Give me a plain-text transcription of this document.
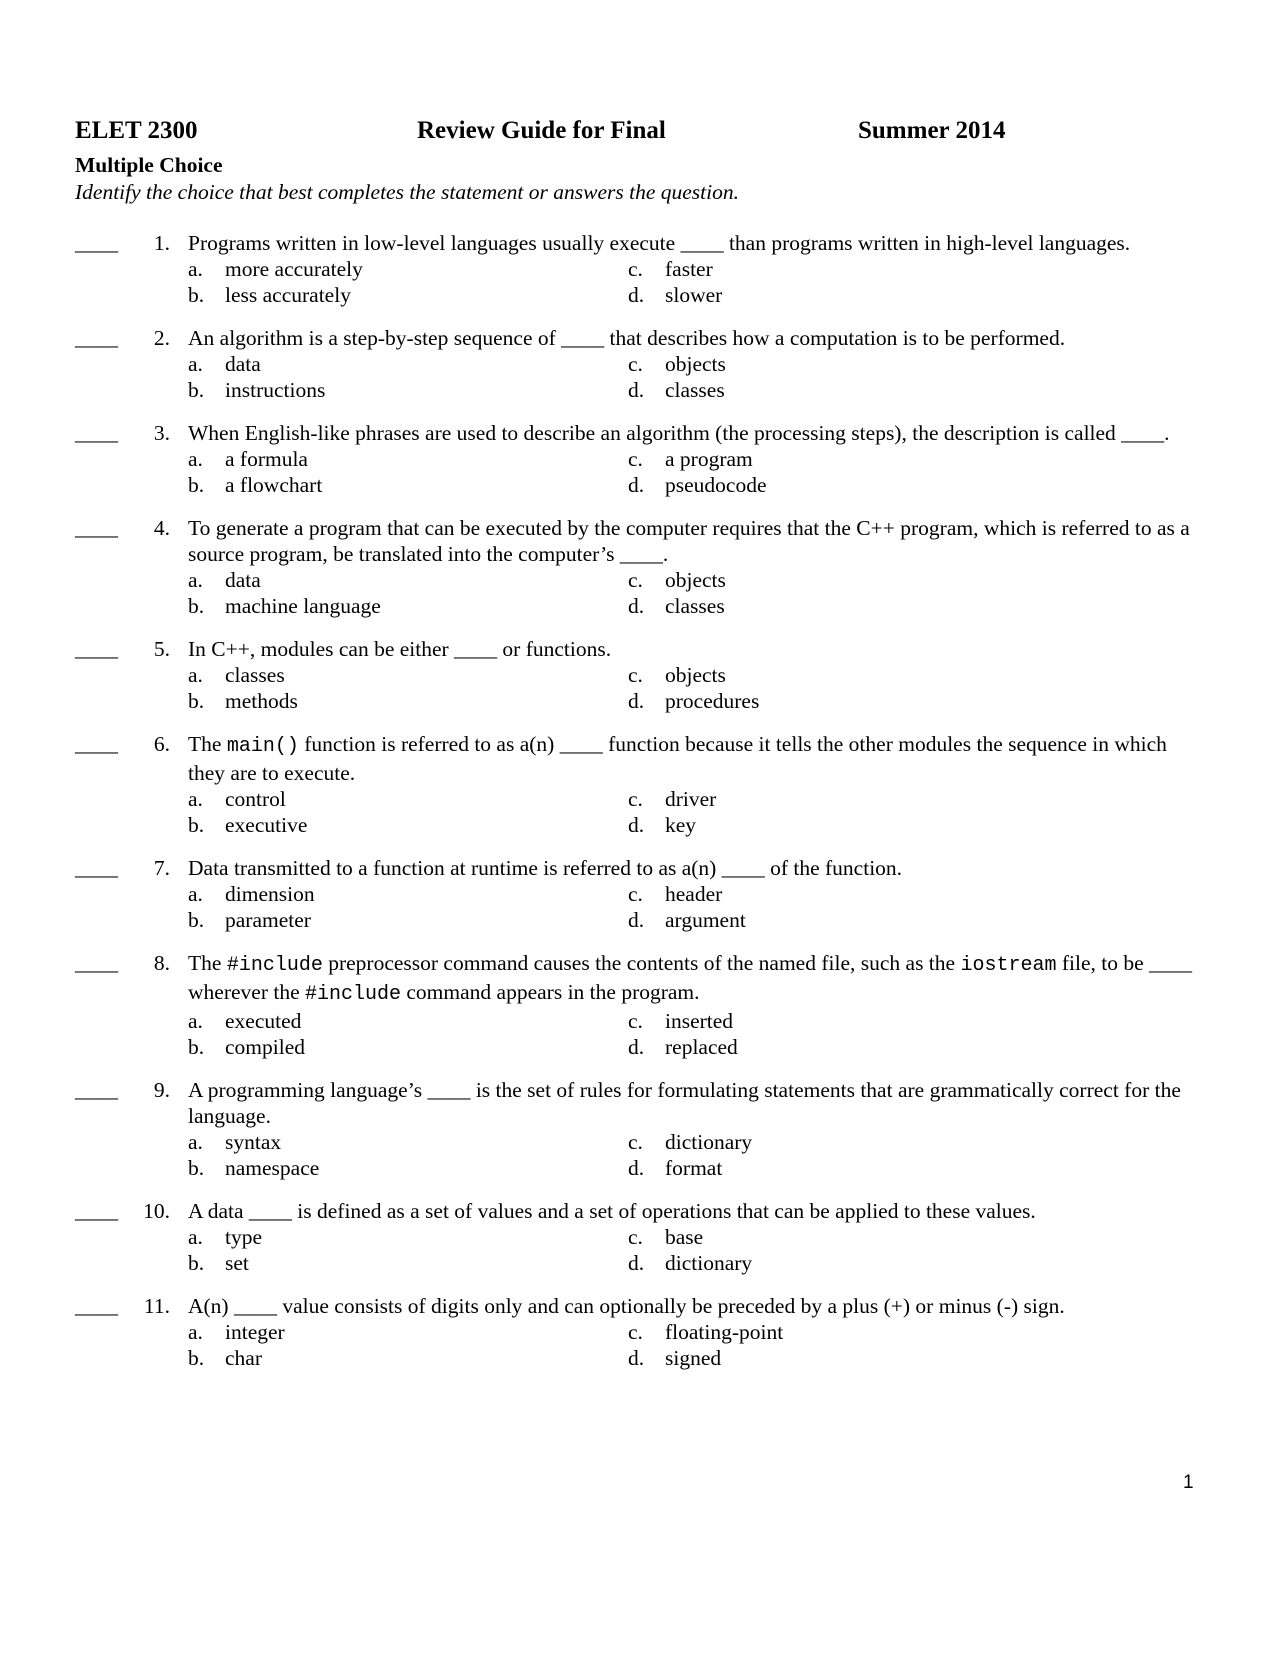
ELET 2300	Review Guide for Final	Summer 2014
Multiple Choice
Identify the choice that best completes the statement or answers the question.
____ 1. Programs written in low-level languages usually execute ____ than programs written in high-level languages.
a. more accurately
b. less accurately
c. faster
d. slower
____ 2. An algorithm is a step-by-step sequence of ____ that describes how a computation is to be performed.
a. data
b. instructions
c. objects
d. classes
____ 3. When English-like phrases are used to describe an algorithm (the processing steps), the description is called ____.
a. a formula
b. a flowchart
c. a program
d. pseudocode
____ 4. To generate a program that can be executed by the computer requires that the C++ program, which is referred to as a source program, be translated into the computer’s ____.
a. data
b. machine language
c. objects
d. classes
____ 5. In C++, modules can be either ____ or functions.
a. classes
b. methods
c. objects
d. procedures
____ 6. The main() function is referred to as a(n) ____ function because it tells the other modules the sequence in which they are to execute.
a. control
b. executive
c. driver
d. key
____ 7. Data transmitted to a function at runtime is referred to as a(n) ____ of the function.
a. dimension
b. parameter
c. header
d. argument
____ 8. The #include preprocessor command causes the contents of the named file, such as the iostream file, to be ____ wherever the #include command appears in the program.
a. executed
b. compiled
c. inserted
d. replaced
____ 9. A programming language’s ____ is the set of rules for formulating statements that are grammatically correct for the language.
a. syntax
b. namespace
c. dictionary
d. format
____ 10. A data ____ is defined as a set of values and a set of operations that can be applied to these values.
a. type
b. set
c. base
d. dictionary
____ 11. A(n) ____ value consists of digits only and can optionally be preceded by a plus (+) or minus (-) sign.
a. integer
b. char
c. floating-point
d. signed
1
